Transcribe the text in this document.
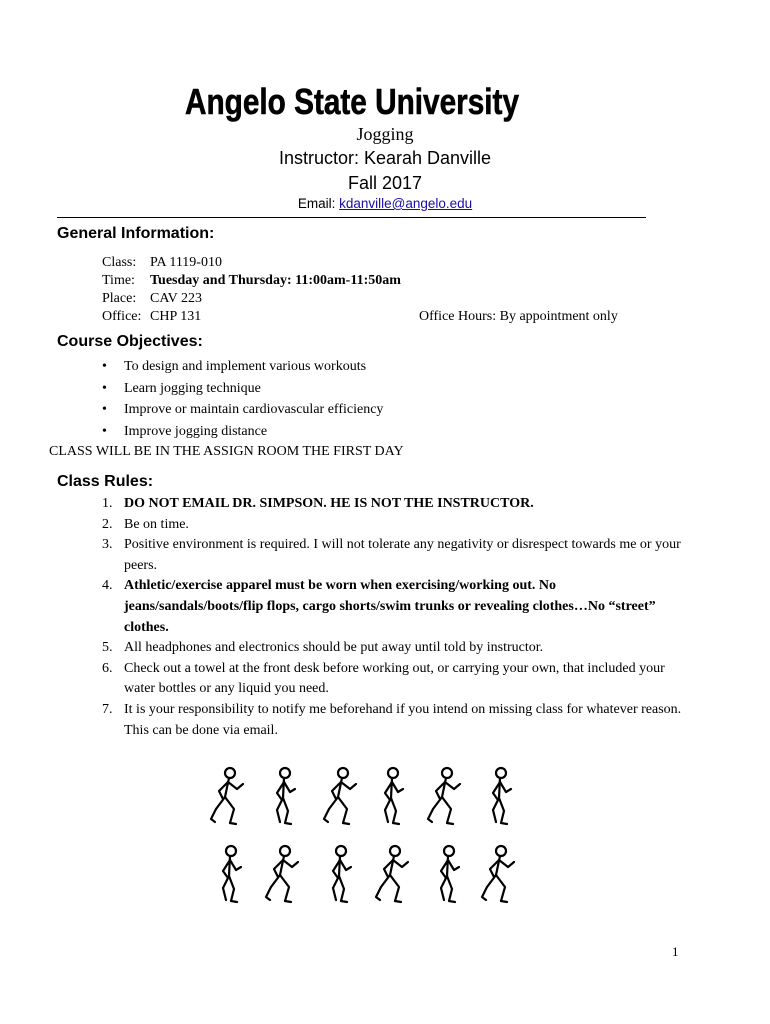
Angelo State University
Jogging
Instructor: Kearah Danville
Fall 2017
Email: kdanville@angelo.edu
General Information:
Class: PA 1119-010
Time: Tuesday and Thursday: 11:00am-11:50am
Place: CAV 223
Office: CHP 131	Office Hours: By appointment only
Course Objectives:
• To design and implement various workouts
• Learn jogging technique
• Improve or maintain cardiovascular efficiency
• Improve jogging distance
CLASS WILL BE IN THE ASSIGN ROOM THE FIRST DAY
Class Rules:
1. DO NOT EMAIL DR. SIMPSON. HE IS NOT THE INSTRUCTOR.
2. Be on time.
3. Positive environment is required. I will not tolerate any negativity or disrespect towards me or your peers.
4. Athletic/exercise apparel must be worn when exercising/working out. No jeans/sandals/boots/flip flops, cargo shorts/swim trunks or revealing clothes…No “street” clothes.
5. All headphones and electronics should be put away until told by instructor.
6. Check out a towel at the front desk before working out, or carrying your own, that included your water bottles or any liquid you need.
7. It is your responsibility to notify me beforehand if you intend on missing class for whatever reason. This can be done via email.
1
